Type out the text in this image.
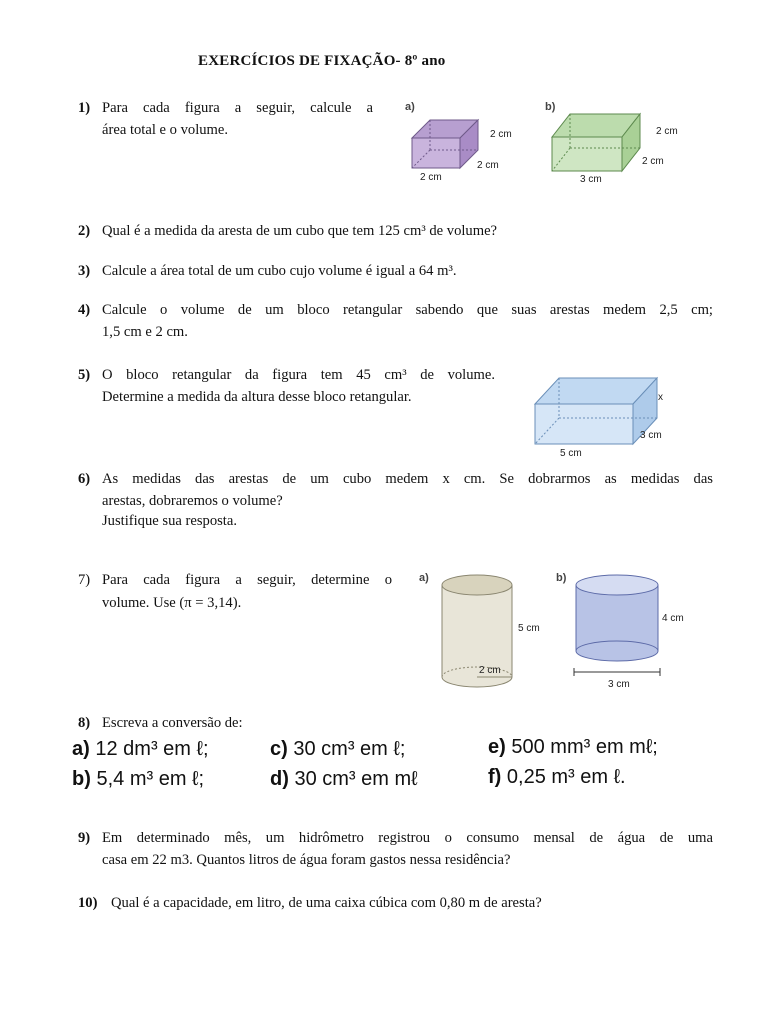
EXERCÍCIOS DE FIXAÇÃO- 8º ano
1) Para cada figura a seguir, calcule a
área total e o volume.
a)
2 cm
2 cm
2 cm
b)
2 cm
2 cm
3 cm
2) Qual é a medida da aresta de um cubo que tem 125 cm³ de volume?
3) Calcule a área total de um cubo cujo volume é igual a 64 m³.
4) Calcule o volume de um bloco retangular sabendo que suas arestas medem 2,5 cm;
1,5 cm e 2 cm.
5) O bloco retangular da figura tem 45 cm³ de volume.
Determine a medida da altura desse bloco retangular.	x
3 cm
5 cm
6) As medidas das arestas de um cubo medem x cm. Se dobrarmos as medidas das
arestas, dobraremos o volume?
Justifique sua resposta.
7) Para cada figura a seguir, determine o
volume. Use (π = 3,14).
a)
5 cm
2 cm
b)
4 cm
3 cm
8) Escreva a conversão de:
a) 12 dm³ em ℓ;	c) 30 cm³ em ℓ;	e) 500 mm³ em mℓ;
b) 5,4 m³ em ℓ;	d) 30 cm³ em mℓ	f) 0,25 m³ em ℓ.
9) Em determinado mês, um hidrômetro registrou o consumo mensal de água de uma
casa em 22 m3. Quantos litros de água foram gastos nessa residência?
10) Qual é a capacidade, em litro, de uma caixa cúbica com 0,80 m de aresta?
